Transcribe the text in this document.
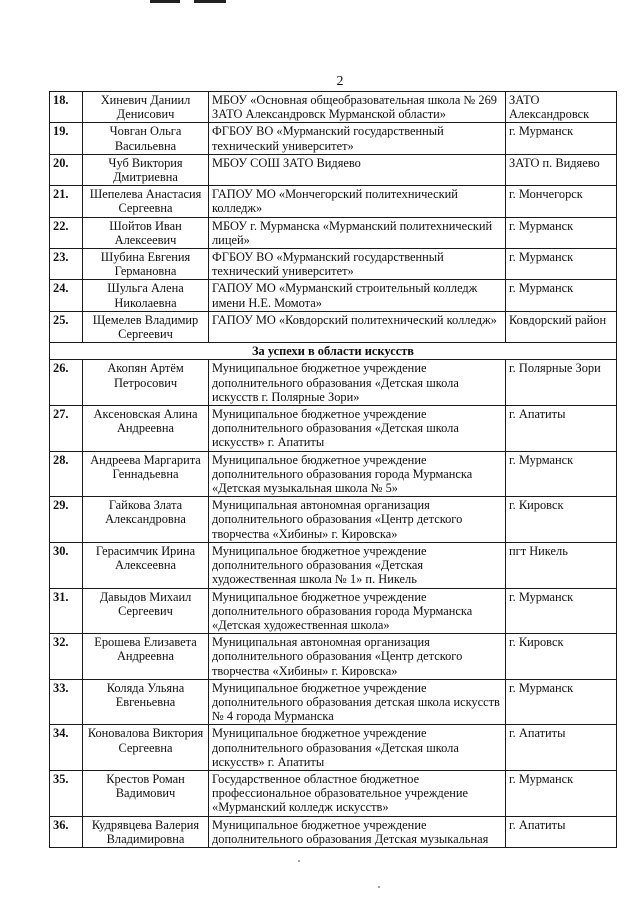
2
18.	Хиневич Даниил Денисович	МБОУ «Основная общеобразовательная школа № 269 ЗАТО Александровск Мурманской области»	ЗАТО Александровск
19.	Човган Ольга Васильевна	ФГБОУ ВО «Мурманский государственный технический университет»	г. Мурманск
20.	Чуб Виктория Дмитриевна	МБОУ СОШ ЗАТО Видяево	ЗАТО п. Видяево
21.	Шепелева Анастасия Сергеевна	ГАПОУ МО «Мончегорский политехнический колледж»	г. Мончегорск
22.	Шойтов Иван Алексеевич	МБОУ г. Мурманска «Мурманский политехнический лицей»	г. Мурманск
23.	Шубина Евгения Германовна	ФГБОУ ВО «Мурманский государственный технический университет»	г. Мурманск
24.	Шульга Алена Николаевна	ГАПОУ МО «Мурманский строительный колледж имени Н.Е. Момота»	г. Мурманск
25.	Щемелев Владимир Сергеевич	ГАПОУ МО «Ковдорский политехнический колледж»	Ковдорский район
За успехи в области искусств			
26.	Акопян Артём Петросович	Муниципальное бюджетное учреждение дополнительного образования «Детская школа искусств г. Полярные Зори»	г. Полярные Зори
27.	Аксеновская Алина Андреевна	Муниципальное бюджетное учреждение дополнительного образования «Детская школа искусств» г. Апатиты	г. Апатиты
28.	Андреева Маргарита Геннадьевна	Муниципальное бюджетное учреждение дополнительного образования города Мурманска «Детская музыкальная школа № 5»	г. Мурманск
29.	Гайкова Злата Александровна	Муниципальная автономная организация дополнительного образования «Центр детского творчества «Хибины» г. Кировска»	г. Кировск
30.	Герасимчик Ирина Алексеевна	Муниципальное бюджетное учреждение дополнительного образования «Детская художественная школа № 1» п. Никель	пгт Никель
31.	Давыдов Михаил Сергеевич	Муниципальное бюджетное учреждение дополнительного образования города Мурманска «Детская художественная школа»	г. Мурманск
32.	Ерошева Елизавета Андреевна	Муниципальная автономная организация дополнительного образования «Центр детского творчества «Хибины» г. Кировска»	г. Кировск
33.	Коляда Ульяна Евгеньевна	Муниципальное бюджетное учреждение дополнительного образования детская школа искусств № 4 города Мурманска	г. Мурманск
34.	Коновалова Виктория Сергеевна	Муниципальное бюджетное учреждение дополнительного образования «Детская школа искусств» г. Апатиты	г. Апатиты
35.	Крестов Роман Вадимович	Государственное областное бюджетное профессиональное образовательное учреждение «Мурманский колледж искусств»	г. Мурманск
36.	Кудрявцева Валерия Владимировна	Муниципальное бюджетное учреждение дополнительного образования Детская музыкальная	г. Апатиты
